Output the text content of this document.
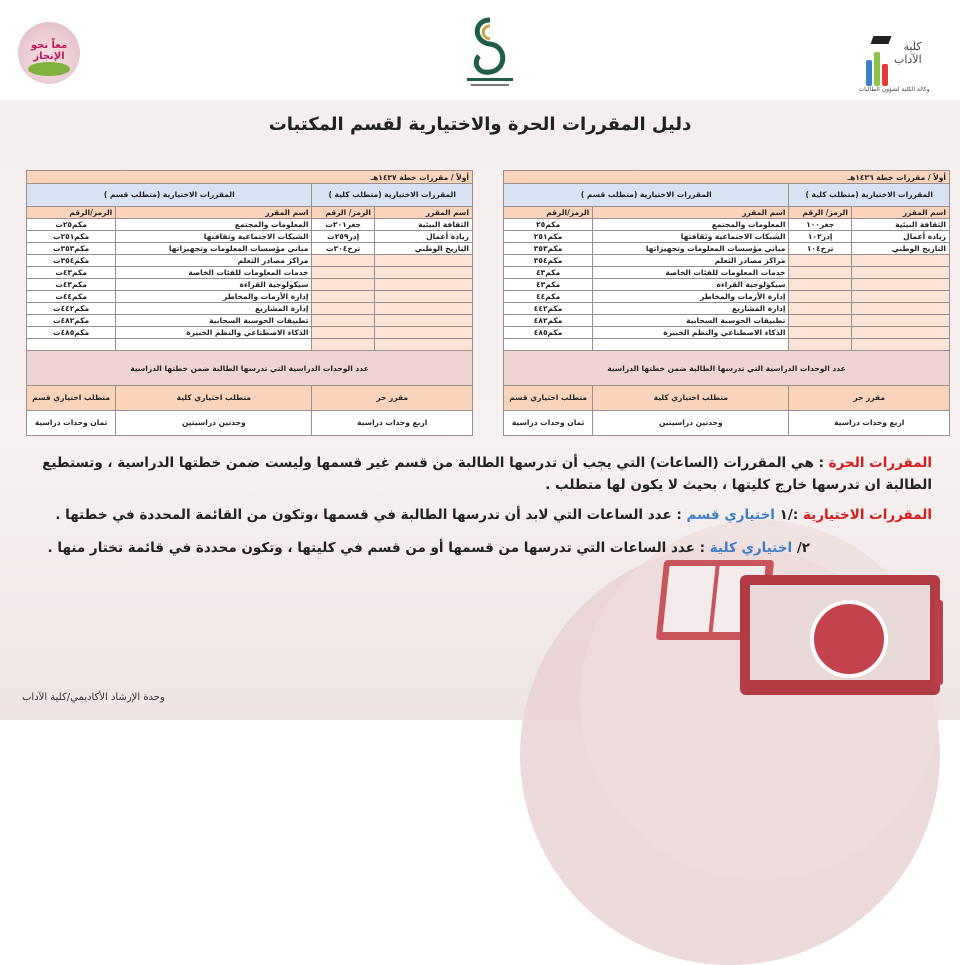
معاً نحو الإنجاز
كلية
الآداب
وكالة الكلية لشؤون الطالبات
دليل المقررات الحرة والاختيارية لقسم المكتبات
أولاً / مقررات خطة ١٤٣٦هـ			
المقررات الاختيارية (متطلب كلية )		المقررات الاختيارية (متطلب قسم )	
اسم المقرر	الرمز/ الرقم	اسم المقرر	الرمز/الرقم
الثقافة البيئية	جغر١٠٠	المعلومات والمجتمع	مكم٢٥
ريادة أعمال	إدر١٠٢	الشبكات الاجتماعية وثقافتها	مكم٢٥١
التاريخ الوطني	ترخ١٠٤	مباني مؤسسات المعلومات وتجهيزاتها	مكم٣٥٣
		مراكز مصادر التعلم	مكم٣٥٤
		خدمات المعلومات للفئات الخاصة	مكم٤٣
		سيكولوجية القراءة	مكم٤٣
		إدارة الأزمات والمخاطر	مكم٤٤
		إدارة المشاريع	مكم٤٤٢
		تطبيقات الحوسبة السحابية	مكم٤٨٢
		الذكاء الاصطناعي والنظم الخبيرة	مكم٤٨٥

عدد الوحدات الدراسية التي تدرسها الطالبة ضمن خطتها الدراسية			
مقرر حر		متطلب اختياري كلية	متطلب اختياري قسم
اربع وحدات دراسية		وحدتين دراسيتين	ثمان وحدات دراسية
أولاً / مقررات خطة ١٤٣٧هـ			
المقررات الاختيارية (متطلب كلية )		المقررات الاختيارية (متطلب قسم )	
اسم المقرر	الرمز/ الرقم	اسم المقرر	الرمز/الرقم
الثقافة البيئية	جغر٢٠١ت	المعلومات والمجتمع	مكم٢٥ت
ريادة أعمال	إدر٢٥٩ت	الشبكات الاجتماعية وثقافتها	مكم٢٥١ت
التاريخ الوطني	ترخ٢٠٤ت	مباني مؤسسات المعلومات وتجهيزاتها	مكم٣٥٣ت
		مراكز مصادر التعلم	مكم٣٥٤ت
		خدمات المعلومات للفئات الخاصة	مكم٤٣ت
		سيكولوجية القراءة	مكم٤٣ت
		إدارة الأزمات والمخاطر	مكم٤٤ت
		إدارة المشاريع	مكم٤٤٢ت
		تطبيقات الحوسبة السحابية	مكم٤٨٢ت
		الذكاء الاصطناعي والنظم الخبيرة	مكم٤٨٥ت

عدد الوحدات الدراسية التي تدرسها الطالبة ضمن خطتها الدراسية			
مقرر حر		متطلب اختياري كلية	متطلب اختياري قسم
اربع وحدات دراسية		وحدتين دراسيتين	ثمان وحدات دراسية
المقررات الحرة : هي المقررات (الساعات) التي يجب أن تدرسها الطالبة من قسم غير قسمها وليست ضمن خطتها الدراسية ، وتستطيع الطالبة ان تدرسها خارج كليتها ، بحيث لا يكون لها متطلب .
المقررات الاختيارية :/١ اختياري قسم : عدد الساعات التي لابد أن تدرسها الطالبة في قسمها ،وتكون من القائمة المحددة في خطتها .
٢/ اختياري كلية : عدد الساعات التي تدرسها من قسمها أو من قسم في كليتها ، وتكون محددة في قائمة تختار منها .
وحدة الإرشاد الأكاديمي/كلية الآداب
